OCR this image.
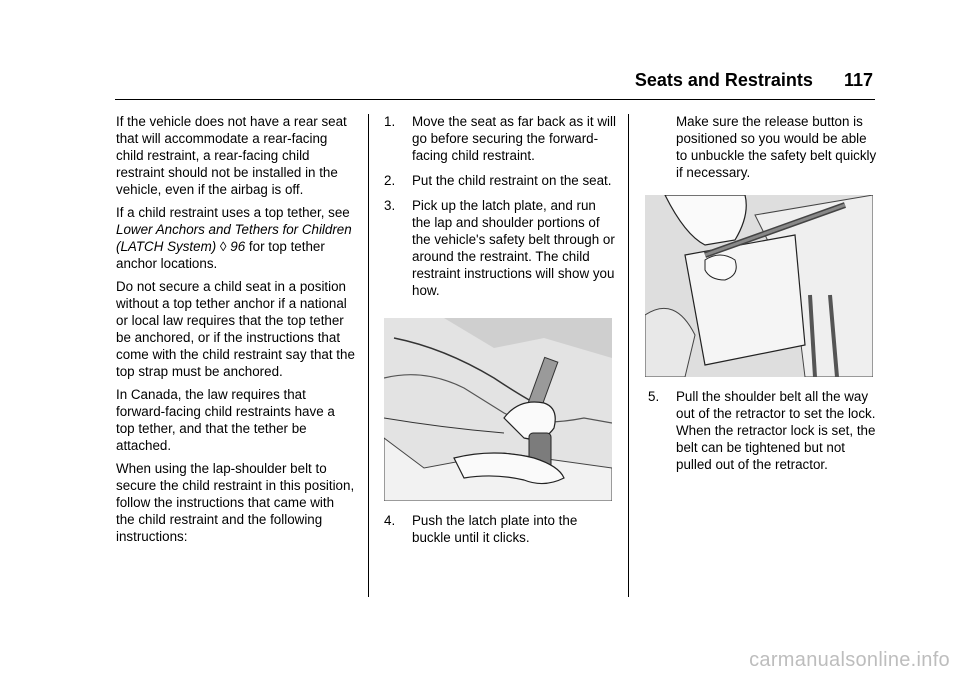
Seats and Restraints 117

If the vehicle does not have a rear seat that will accommodate a rear-facing child restraint, a rear-facing child restraint should not be installed in the vehicle, even if the airbag is off.

If a child restraint uses a top tether, see Lower Anchors and Tethers for Children (LATCH System) ◊ 96 for top tether anchor locations.

Do not secure a child seat in a position without a top tether anchor if a national or local law requires that the top tether be anchored, or if the instructions that come with the child restraint say that the top strap must be anchored.

In Canada, the law requires that forward-facing child restraints have a top tether, and that the tether be attached.

When using the lap-shoulder belt to secure the child restraint in this position, follow the instructions that came with the child restraint and the following instructions:

1. Move the seat as far back as it will go before securing the forward-facing child restraint.
2. Put the child restraint on the seat.
3. Pick up the latch plate, and run the lap and shoulder portions of the vehicle's safety belt through or around the restraint. The child restraint instructions will show you how.
4. Push the latch plate into the buckle until it clicks.
Make sure the release button is positioned so you would be able to unbuckle the safety belt quickly if necessary.
5. Pull the shoulder belt all the way out of the retractor to set the lock. When the retractor lock is set, the belt can be tightened but not pulled out of the retractor.
carmanualsonline.info
